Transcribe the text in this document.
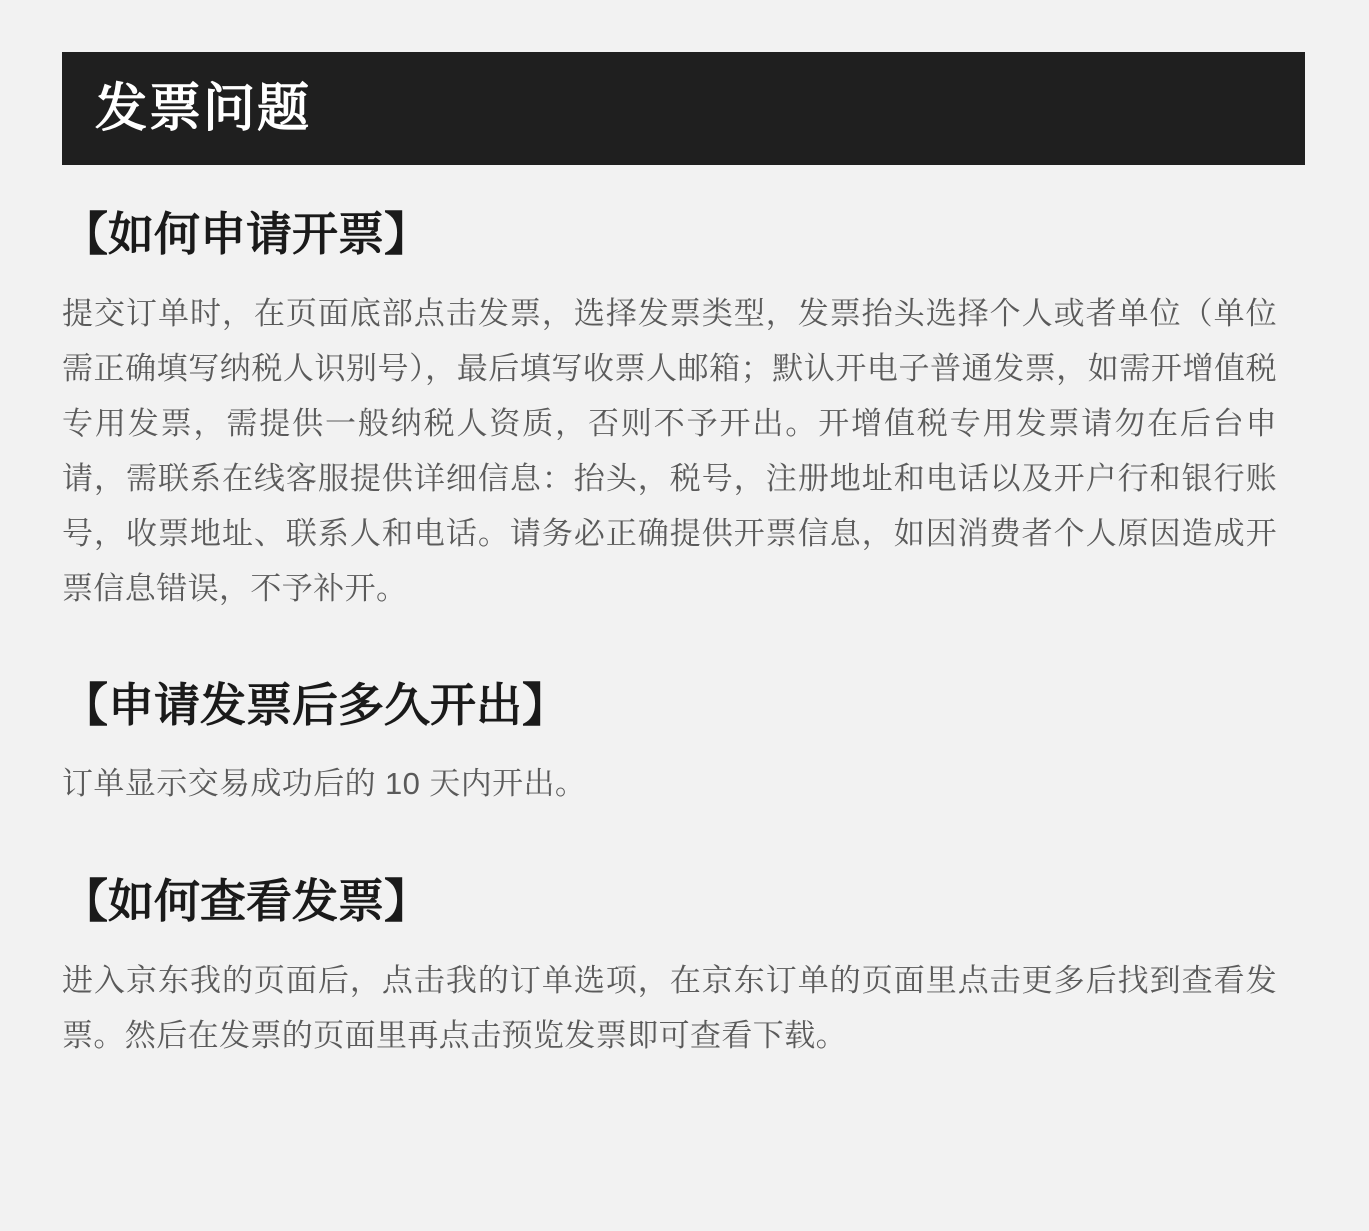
发票问题
【如何申请开票】

提交订单时，在页面底部点击发票，选择发票类型，发票抬头选择个人或者单位（单位需正确填写纳税人识别号），最后填写收票人邮箱；默认开电子普通发票，如需开增值税专用发票，需提供一般纳税人资质，否则不予开出。开增值税专用发票请勿在后台申请，需联系在线客服提供详细信息：抬头，税号，注册地址和电话以及开户行和银行账号，收票地址、联系人和电话。请务必正确提供开票信息，如因消费者个人原因造成开票信息错误，不予补开。

【申请发票后多久开出】

订单显示交易成功后的 10 天内开出。

【如何查看发票】

进入京东我的页面后，点击我的订单选项，在京东订单的页面里点击更多后找到查看发票。然后在发票的页面里再点击预览发票即可查看下载。
